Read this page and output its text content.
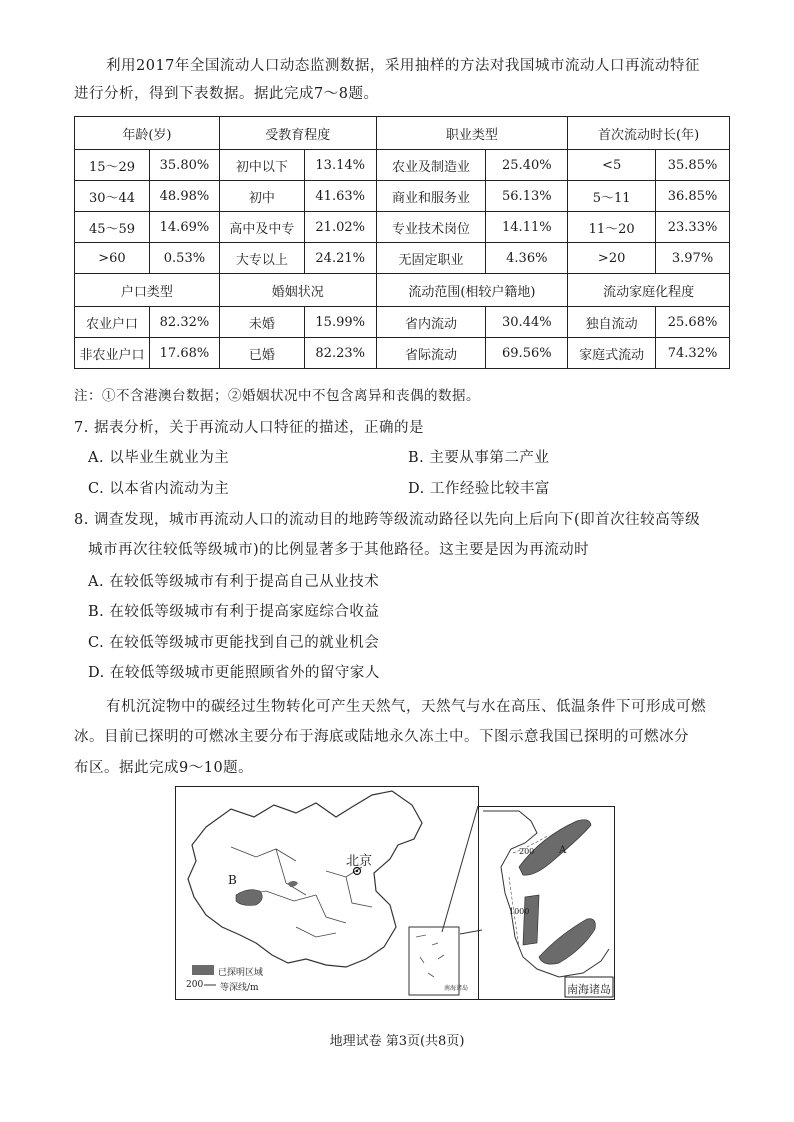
利用2017年全国流动人口动态监测数据，采用抽样的方法对我国城市流动人口再流动特征
进行分析，得到下表数据。据此完成7～8题。
年龄(岁)		受教育程度		职业类型		首次流动时长(年)	
15～29	35.80%	初中以下	13.14%	农业及制造业	25.40%	<5	35.85%
30～44	48.98%	初中	41.63%	商业和服务业	56.13%	5～11	36.85%
45～59	14.69%	高中及中专	21.02%	专业技术岗位	14.11%	11～20	23.33%
>60	0.53%	大专以上	24.21%	无固定职业	4.36%	>20	3.97%
户口类型		婚姻状况		流动范围(相较户籍地)		流动家庭化程度	
农业户口	82.32%	未婚	15.99%	省内流动	30.44%	独自流动	25.68%
非农业户口	17.68%	已婚	82.23%	省际流动	69.56%	家庭式流动	74.32%
注：①不含港澳台数据；②婚姻状况中不包含离异和丧偶的数据。
7. 据表分析，关于再流动人口特征的描述，正确的是
A. 以毕业生就业为主	B. 主要从事第二产业
C. 以本省内流动为主	D. 工作经验比较丰富
8. 调查发现，城市再流动人口的流动目的地跨等级流动路径以先向上后向下(即首次往较高等级
城市再次往较低等级城市)的比例显著多于其他路径。这主要是因为再流动时
A. 在较低等级城市有利于提高自己从业技术
B. 在较低等级城市有利于提高家庭综合收益
C. 在较低等级城市更能找到自己的就业机会
D. 在较低等级城市更能照顾省外的留守家人
有机沉淀物中的碳经过生物转化可产生天然气，天然气与水在高压、低温条件下可形成可燃
冰。目前已探明的可燃冰主要分布于海底或陆地永久冻土中。下图示意我国已探明的可燃冰分
布区。据此完成9～10题。
北京
B
已探明区域
200 等深线/m	南海诸岛
A
200
1000
南海诸岛
地理试卷 第3页(共8页)
